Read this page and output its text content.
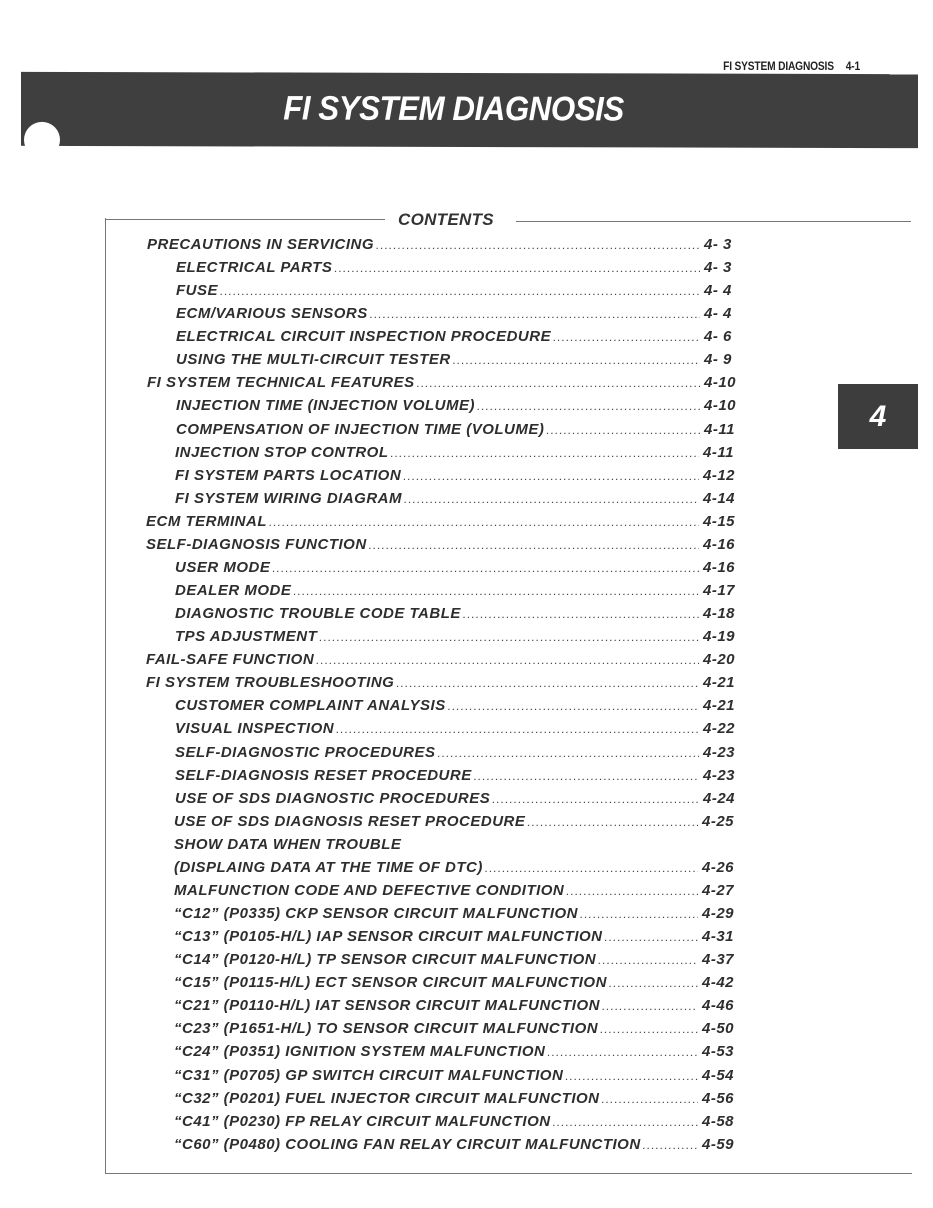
FI SYSTEM DIAGNOSIS 4-1
FI SYSTEM DIAGNOSIS
4
CONTENTS
PRECAUTIONS IN SERVICING .....	4- 3
ELECTRICAL PARTS .....	4- 3
FUSE .....	4- 4
ECM/VARIOUS SENSORS .....	4- 4
ELECTRICAL CIRCUIT INSPECTION PROCEDURE .....	4- 6
USING THE MULTI-CIRCUIT TESTER .....	4- 9
FI SYSTEM TECHNICAL FEATURES .....	4-10
INJECTION TIME (INJECTION VOLUME) .....	4-10
COMPENSATION OF INJECTION TIME (VOLUME) .....	4-11
INJECTION STOP CONTROL .....	4-11
FI SYSTEM PARTS LOCATION .....	4-12
FI SYSTEM WIRING DIAGRAM .....	4-14
ECM TERMINAL .....	4-15
SELF-DIAGNOSIS FUNCTION .....	4-16
USER MODE .....	4-16
DEALER MODE .....	4-17
DIAGNOSTIC TROUBLE CODE TABLE .....	4-18
TPS ADJUSTMENT .....	4-19
FAIL-SAFE FUNCTION .....	4-20
FI SYSTEM TROUBLESHOOTING .....	4-21
CUSTOMER COMPLAINT ANALYSIS .....	4-21
VISUAL INSPECTION .....	4-22
SELF-DIAGNOSTIC PROCEDURES .....	4-23
SELF-DIAGNOSIS RESET PROCEDURE .....	4-23
USE OF SDS DIAGNOSTIC PROCEDURES .....	4-24
USE OF SDS DIAGNOSIS RESET PROCEDURE .....	4-25
SHOW DATA WHEN TROUBLE
(DISPLAING DATA AT THE TIME OF DTC) .....	4-26
MALFUNCTION CODE AND DEFECTIVE CONDITION .....	4-27
“C12” (P0335) CKP SENSOR CIRCUIT MALFUNCTION .....	4-29
“C13” (P0105-H/L) IAP SENSOR CIRCUIT MALFUNCTION .....	4-31
“C14” (P0120-H/L) TP SENSOR CIRCUIT MALFUNCTION .....	4-37
“C15” (P0115-H/L) ECT SENSOR CIRCUIT MALFUNCTION .....	4-42
“C21” (P0110-H/L) IAT SENSOR CIRCUIT MALFUNCTION .....	4-46
“C23” (P1651-H/L) TO SENSOR CIRCUIT MALFUNCTION .....	4-50
“C24” (P0351) IGNITION SYSTEM MALFUNCTION .....	4-53
“C31” (P0705) GP SWITCH CIRCUIT MALFUNCTION .....	4-54
“C32” (P0201) FUEL INJECTOR CIRCUIT MALFUNCTION .....	4-56
“C41” (P0230) FP RELAY CIRCUIT MALFUNCTION .....	4-58
“C60” (P0480) COOLING FAN RELAY CIRCUIT MALFUNCTION .....	4-59
